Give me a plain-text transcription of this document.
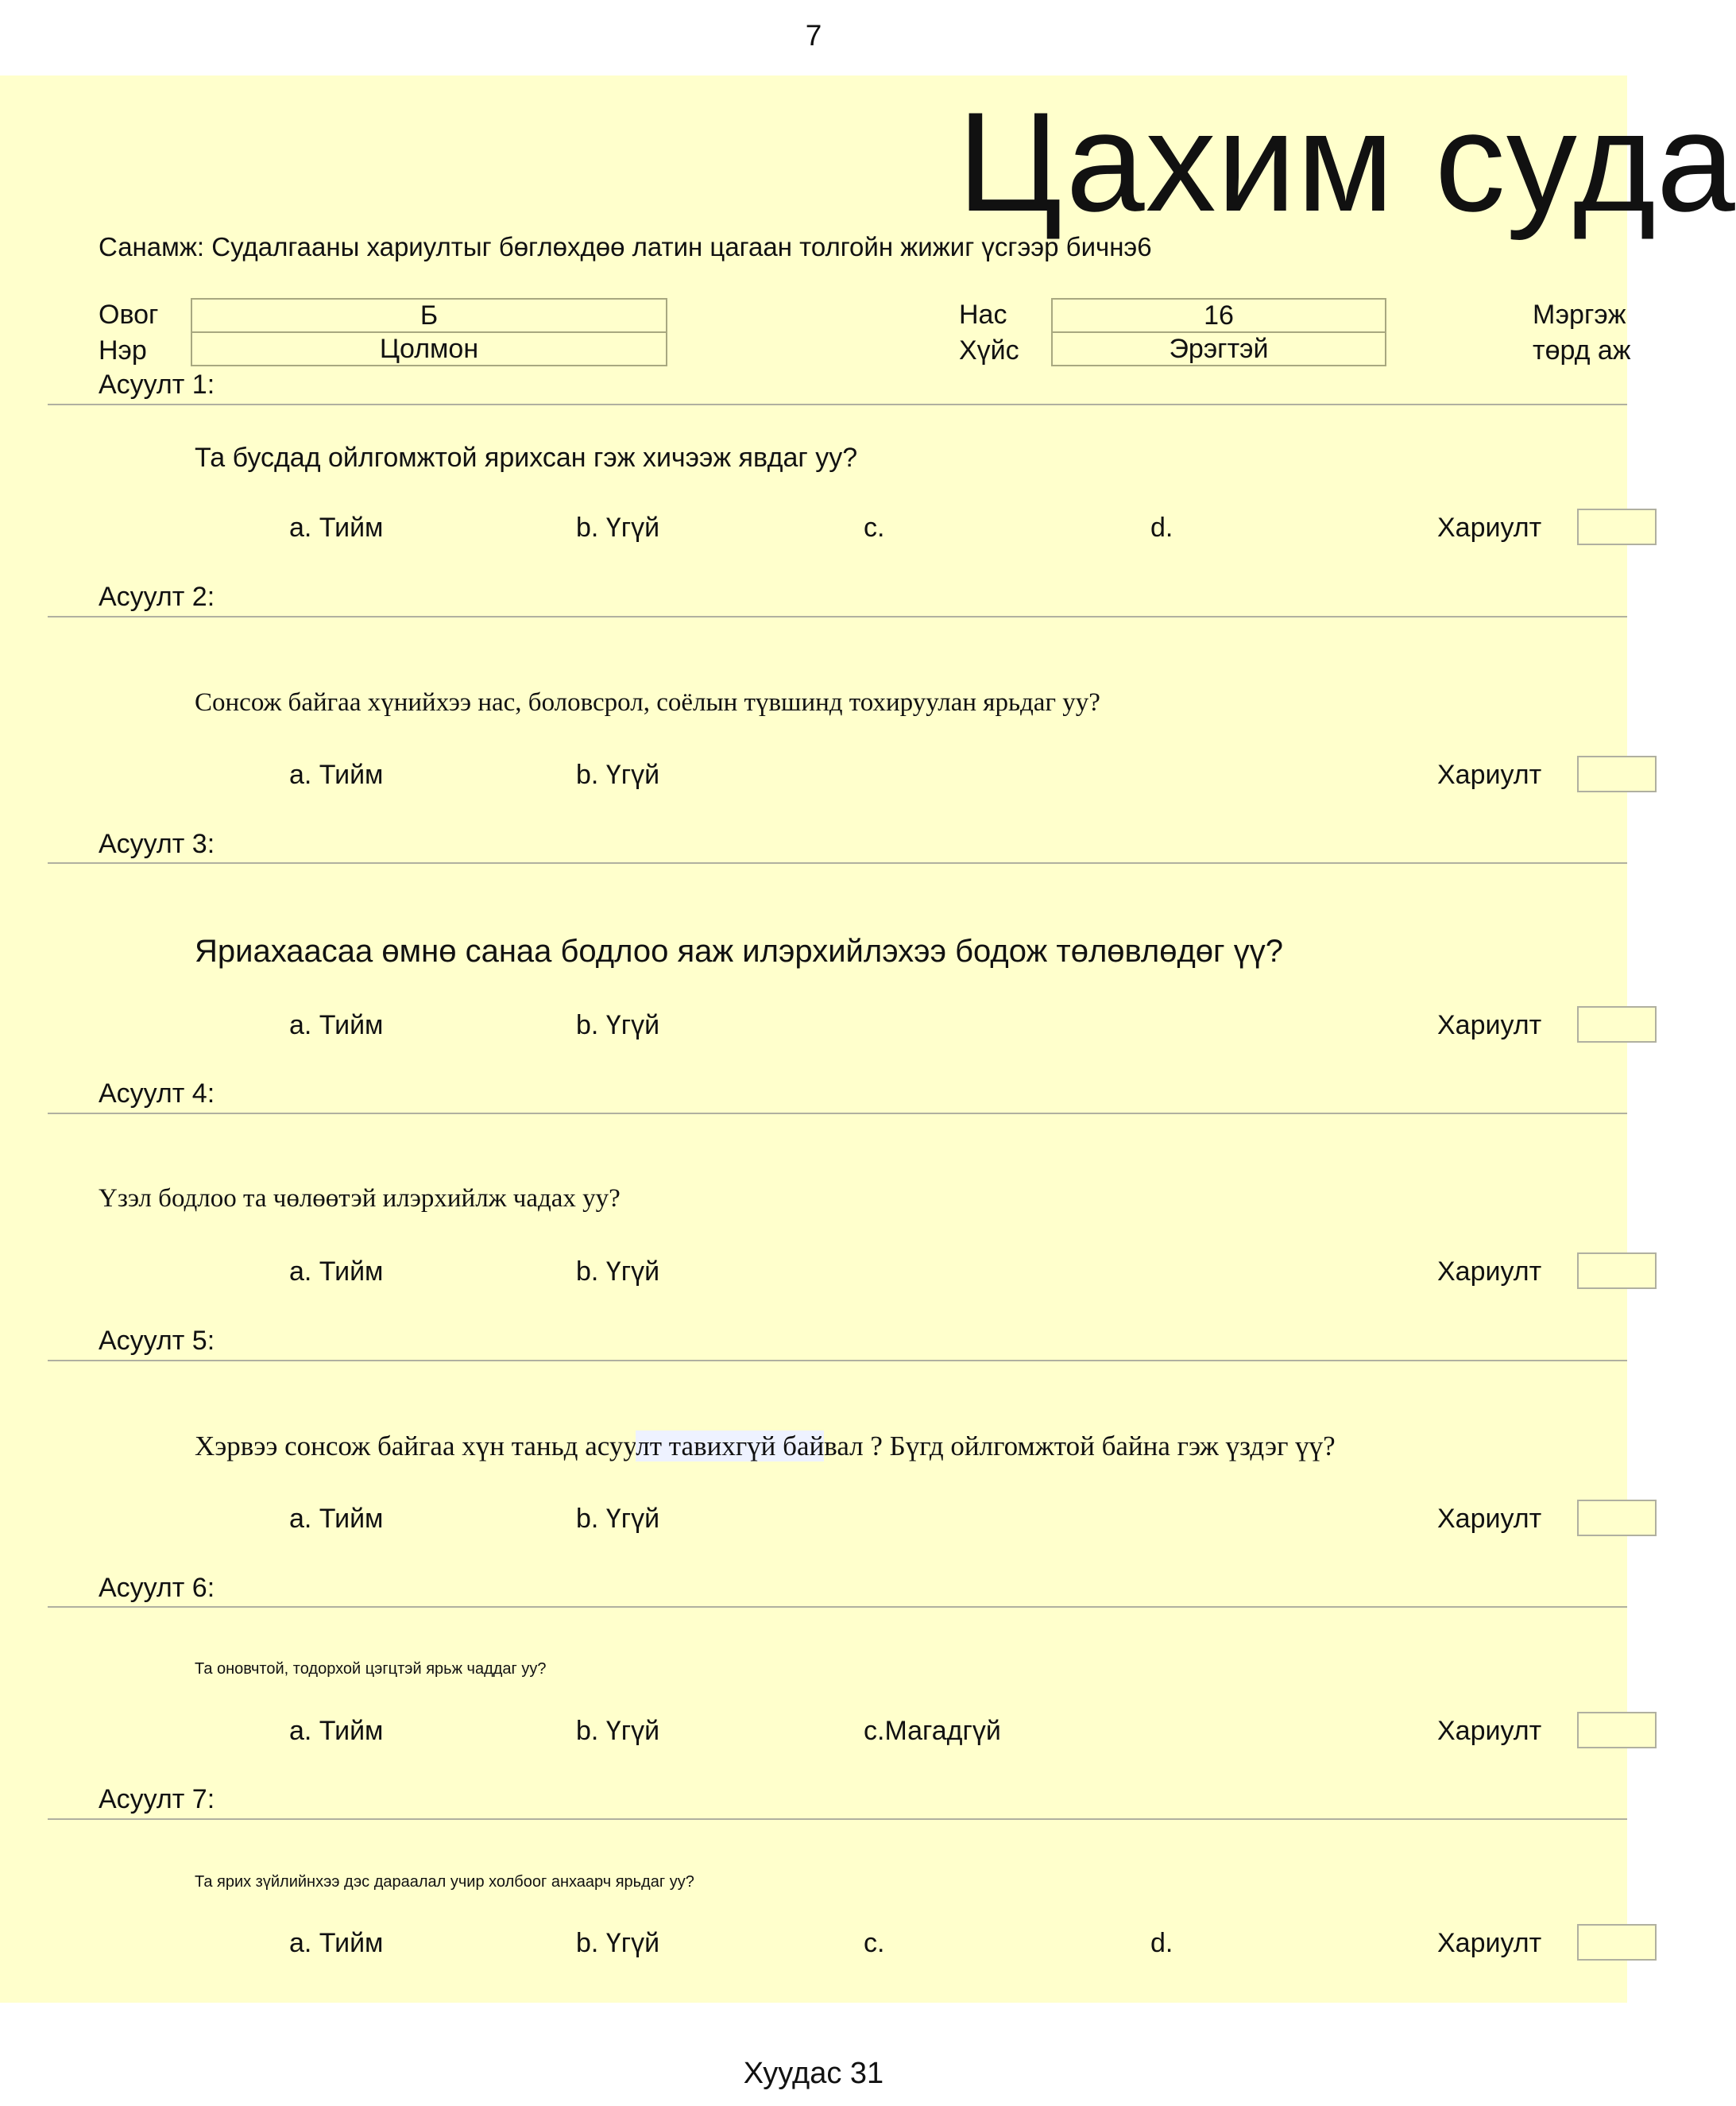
7
Цахим суда
Санамж: Судалгааны хариултыг бөглөхдөө латин цагаан толгойн жижиг үсгээр бичнэ6
Овог	Б
Нэр	Цолмон
Нас	16
Хүйс	Эрэгтэй
Мэргэж
төрд аж
Асуулт 1:
Та бусдад ойлгомжтой ярихсан гэж хичээж явдаг уу?
a. Тийм	b. Үгүй	c.	d.	Хариулт
Асуулт 2:
Сонсож байгаа хүнийхээ нас, боловсрол, соёлын түвшинд тохируулан ярьдаг уу?
a. Тийм	b. Үгүй	Хариулт
Асуулт 3:
Яриахаасаа өмнө санаа бодлоо яаж илэрхийлэхээ бодож төлөвлөдөг үү?
a. Тийм	b. Үгүй	Хариулт
Асуулт 4:
Үзэл бодлоо та чөлөөтэй илэрхийлж чадах уу?
a. Тийм	b. Үгүй	Хариулт
Асуулт 5:
Хэрвээ сонсож байгаа хүн таньд асуулт тавихгүй байвал ? Бүгд ойлгомжтой байна гэж үздэг үү?
a. Тийм	b. Үгүй	Хариулт
Асуулт 6:
Та оновчтой, тодорхой цэгцтэй ярьж чаддаг уу?
a. Тийм	b. Үгүй	c.Магадгүй	Хариулт
Асуулт 7:
Та ярих зүйлийнхээ дэс дараалал учир холбоог анхаарч ярьдаг уу?
a. Тийм	b. Үгүй	c.	d.	Хариулт
Хуудас 31
